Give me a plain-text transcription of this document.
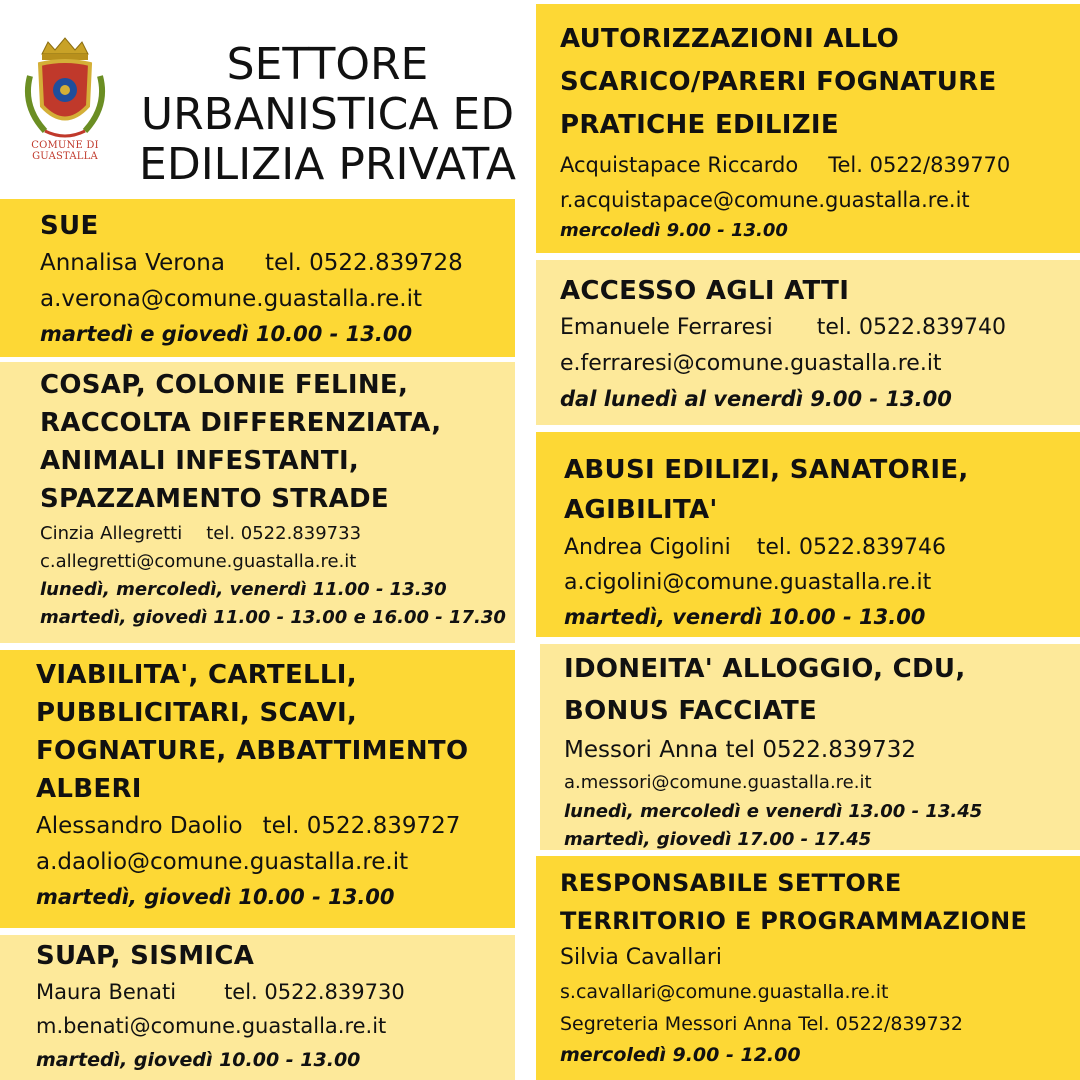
COMUNE DI GUASTALLA
SETTORE
URBANISTICA ED
EDILIZIA PRIVATA

SUE

Annalisa Verona tel. 0522.839728

a.verona@comune.guastalla.re.it

martedì e giovedì 10.00 - 13.00

COSAP, COLONIE FELINE,

RACCOLTA DIFFERENZIATA,

ANIMALI INFESTANTI,

SPAZZAMENTO STRADE

Cinzia Allegretti tel. 0522.839733

c.allegretti@comune.guastalla.re.it

lunedì, mercoledì, venerdì 11.00 - 13.30

martedì, giovedì 11.00 - 13.00 e 16.00 - 17.30

VIABILITA', CARTELLI,

PUBBLICITARI, SCAVI,

FOGNATURE, ABBATTIMENTO

ALBERI

Alessandro Daolio tel. 0522.839727

a.daolio@comune.guastalla.re.it

martedì, giovedì 10.00 - 13.00

SUAP, SISMICA

Maura Benati tel. 0522.839730

m.benati@comune.guastalla.re.it

martedì, giovedì 10.00 - 13.00

AUTORIZZAZIONI ALLO

SCARICO/PARERI FOGNATURE

PRATICHE EDILIZIE

Acquistapace Riccardo Tel. 0522/839770

r.acquistapace@comune.guastalla.re.it

mercoledì 9.00 - 13.00

ACCESSO AGLI ATTI

Emanuele Ferraresi tel. 0522.839740

e.ferraresi@comune.guastalla.re.it

dal lunedì al venerdì 9.00 - 13.00

ABUSI EDILIZI, SANATORIE,

AGIBILITA'

Andrea Cigolini tel. 0522.839746

a.cigolini@comune.guastalla.re.it

martedì, venerdì 10.00 - 13.00

IDONEITA' ALLOGGIO, CDU,

BONUS FACCIATE

Messori Anna tel 0522.839732

a.messori@comune.guastalla.re.it

lunedì, mercoledì e venerdì 13.00 - 13.45

martedì, giovedì 17.00 - 17.45

RESPONSABILE SETTORE

TERRITORIO E PROGRAMMAZIONE

Silvia Cavallari

s.cavallari@comune.guastalla.re.it

Segreteria Messori Anna Tel. 0522/839732

mercoledì 9.00 - 12.00
